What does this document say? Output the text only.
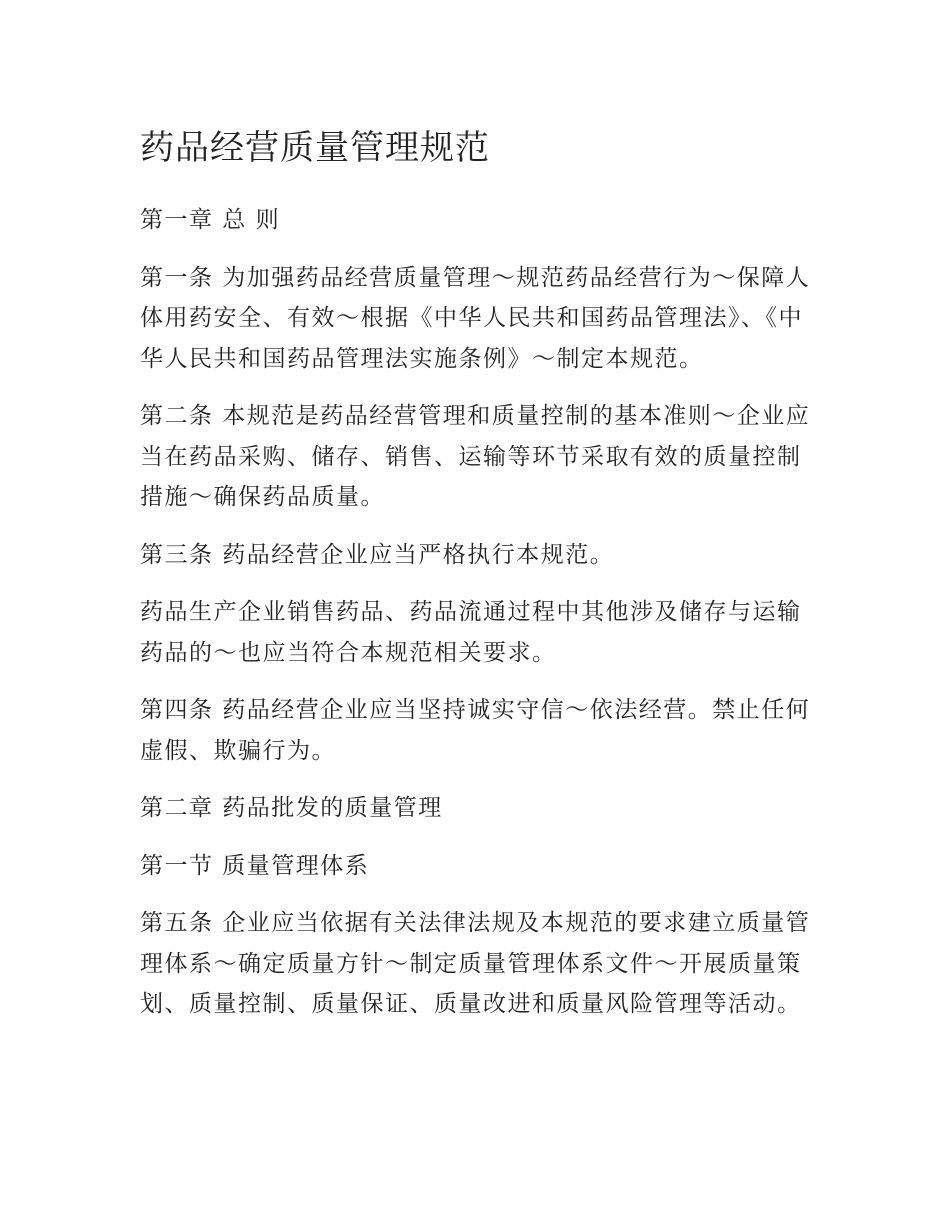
药品经营质量管理规范

第一章 总 则

第一条 为加强药品经营质量管理～规范药品经营行为～保障人体用药安全、有效～根据《中华人民共和国药品管理法》、《中华人民共和国药品管理法实施条例》～制定本规范。

第二条 本规范是药品经营管理和质量控制的基本准则～企业应当在药品采购、储存、销售、运输等环节采取有效的质量控制措施～确保药品质量。

第三条 药品经营企业应当严格执行本规范。

药品生产企业销售药品、药品流通过程中其他涉及储存与运输药品的～也应当符合本规范相关要求。

第四条 药品经营企业应当坚持诚实守信～依法经营。禁止任何虚假、欺骗行为。

第二章 药品批发的质量管理

第一节 质量管理体系

第五条 企业应当依据有关法律法规及本规范的要求建立质量管理体系～确定质量方针～制定质量管理体系文件～开展质量策划、质量控制、质量保证、质量改进和质量风险管理等活动。
